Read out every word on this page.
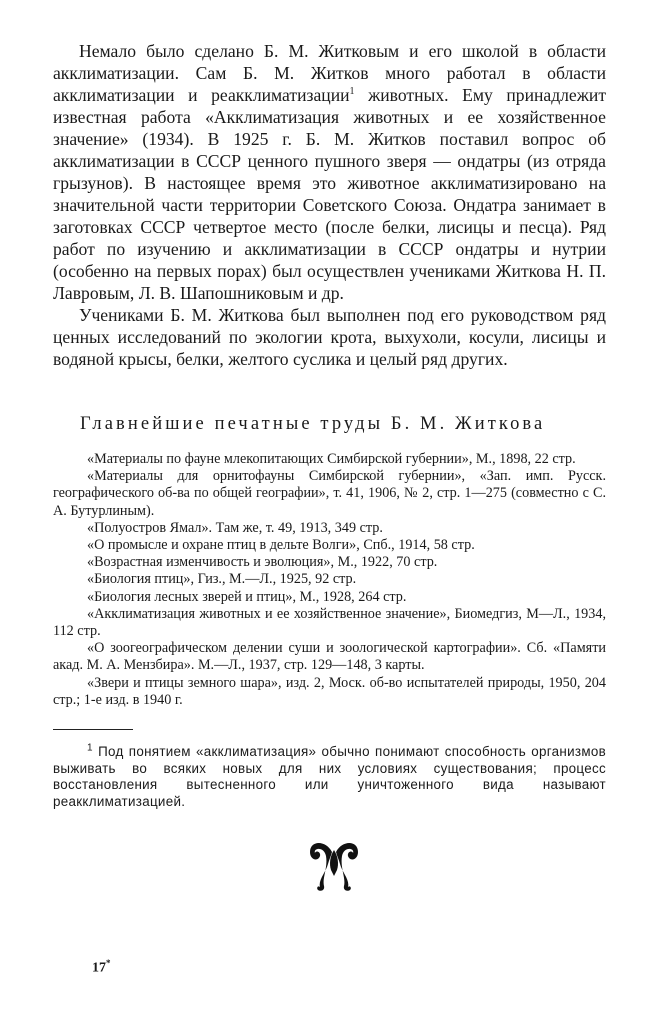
Немало было сделано Б. М. Житковым и его школой в области акклиматизации. Сам Б. М. Житков много работал в области акклиматизации и реакклиматизации$^1$ животных. Ему принадлежит известная работа «Акклиматизация животных и ее хозяйственное значение» (1934). В 1925 г. Б. М. Житков поставил вопрос об акклиматизации в СССР ценного пушного зверя — ондатры (из отряда грызунов). В настоящее время это животное акклиматизировано на значительной части территории Советского Союза. Ондатра занимает в заготовках СССР четвертое место (после белки, лисицы и песца). Ряд работ по изучению и акклиматизации в СССР ондатры и нутрии (особенно на первых порах) был осуществлен учениками Житкова Н. П. Лавровым, Л. В. Шапошниковым и др.

Учениками Б. М. Житкова был выполнен под его руководством ряд ценных исследований по экологии крота, выхухоли, косули, лисицы и водяной крысы, белки, желтого суслика и целый ряд других.

Главнейшие печатные труды Б. М. Житкова

«Материалы по фауне млекопитающих Симбирской губернии», М., 1898, 22 стр.

«Материалы для орнитофауны Симбирской губернии», «Зап. имп. Русск. географического об-ва по общей географии», т. 41, 1906, № 2, стр. 1—275 (совместно с С. А. Бутурлиным).

«Полуостров Ямал». Там же, т. 49, 1913, 349 стр.

«О промысле и охране птиц в дельте Волги», Спб., 1914, 58 стр.

«Возрастная изменчивость и эволюция», М., 1922, 70 стр.

«Биология птиц», Гиз., М.—Л., 1925, 92 стр.

«Биология лесных зверей и птиц», М., 1928, 264 стр.

«Акклиматизация животных и ее хозяйственное значение», Биомедгиз, М—Л., 1934, 112 стр.

«О зоогеографическом делении суши и зоологической картографии». Сб. «Памяти акад. М. А. Мензбира». М.—Л., 1937, стр. 129—148, 3 карты.

«Звери и птицы земного шара», изд. 2, Моск. об-во испытателей природы, 1950, 204 стр.; 1-е изд. в 1940 г.

$^1$ Под понятием «акклиматизация» обычно понимают способность организмов выживать во всяких новых для них условиях существования; процесс восстановления вытесненного или уничтоженного вида называют реакклиматизацией.

17*
